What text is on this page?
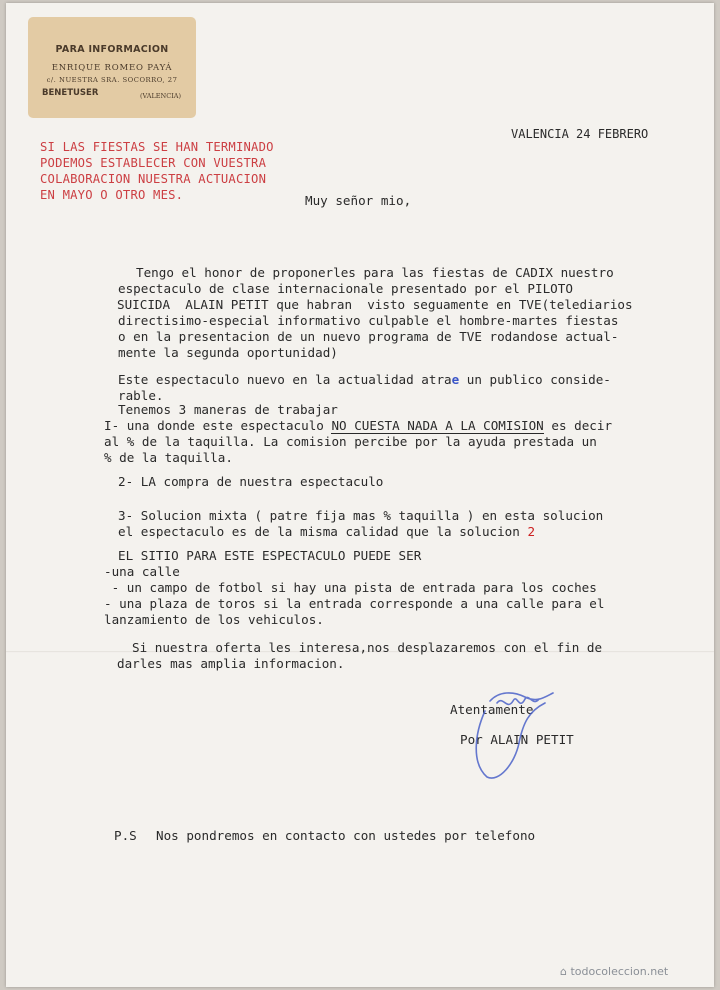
PARA INFORMACION
ENRIQUE ROMEO PAYÁ
c/. NUESTRA SRA. SOCORRO, 27
BENETUSER	(VALENCIA)
SI LAS FIESTAS SE HAN TERMINADO
PODEMOS ESTABLECER CON VUESTRA
COLABORACION NUESTRA ACTUACION
EN MAYO O OTRO MES.
VALENCIA 24 FEBRERO
Muy señor mio,
Tengo el honor de proponerles para las fiestas de CADIX nuestro
espectaculo de clase internacionale presentado por el PILOTO
SUICIDA  ALAIN PETIT que habran  visto seguamente en TVE(telediarios
directisimo-especial informativo culpable el hombre-martes fiestas
o en la presentacion de un nuevo programa de TVE rodandose actual-
mente la segunda oportunidad)
Este espectaculo nuevo en la actualidad atrae un publico conside-
rable.
Tenemos 3 maneras de trabajar
I- una donde este espectaculo NO CUESTA NADA A LA COMISION es decir
al % de la taquilla. La comision percibe por la ayuda prestada un
% de la taquilla.
2- LA compra de nuestra espectaculo
3- Solucion mixta ( patre fija mas % taquilla ) en esta solucion
el espectaculo es de la misma calidad que la solucion 2
EL SITIO PARA ESTE ESPECTACULO PUEDE SER
-una calle
- un campo de fotbol si hay una pista de entrada para los coches
- una plaza de toros si la entrada corresponde a una calle para el
lanzamiento de los vehiculos.
Si nuestra oferta les interesa,nos desplazaremos con el fin de
darles mas amplia informacion.
Atentamente
Por ALAIN PETIT
P.S Nos pondremos en contacto con ustedes por telefono
⌂ todocoleccion.net
